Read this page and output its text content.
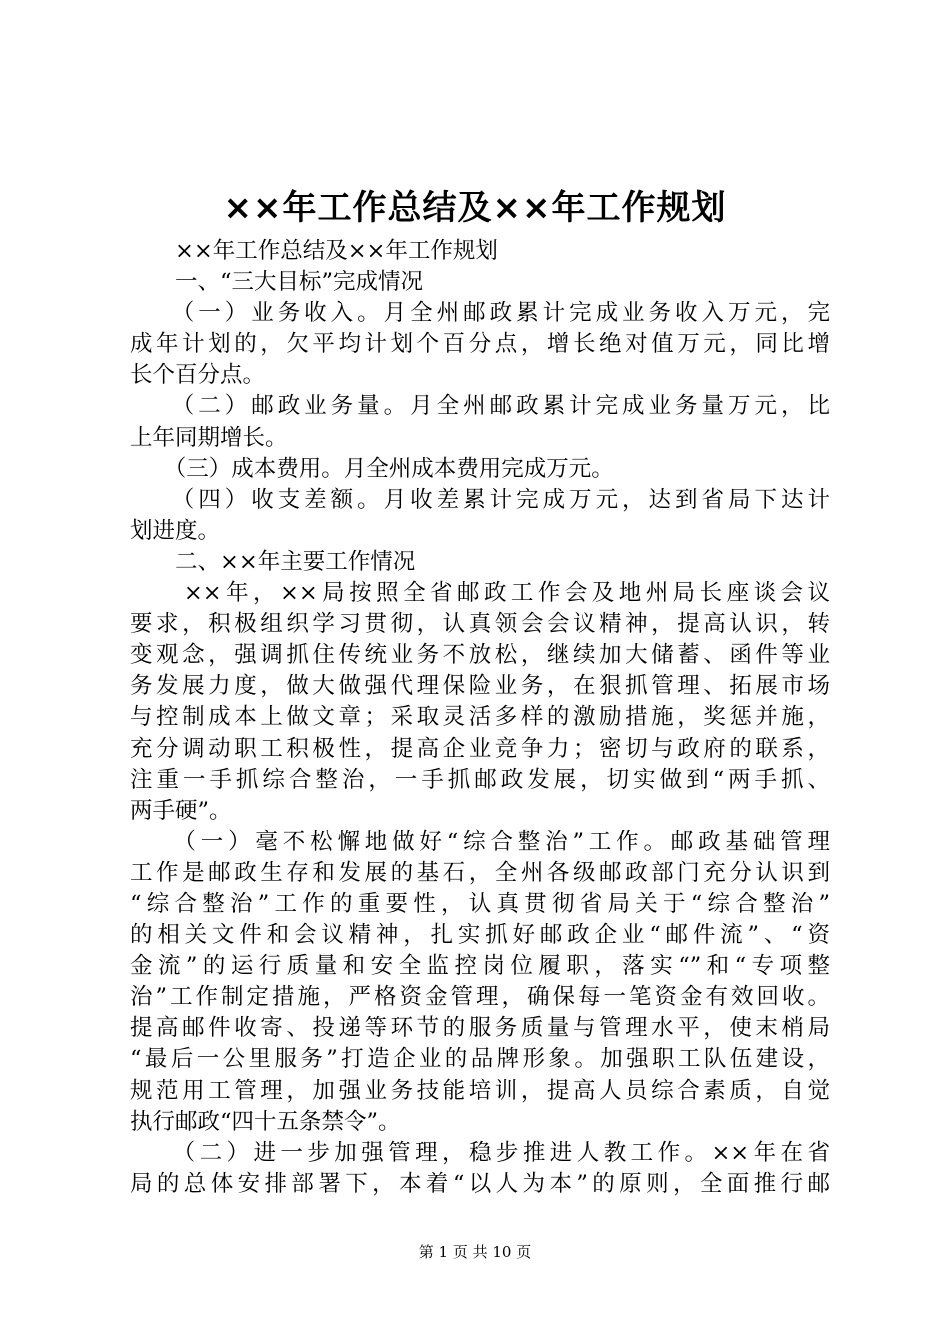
××年工作总结及××年工作规划
　　××年工作总结及××年工作规划
　　一、“三大目标”完成情况
　　（一）业务收入。月全州邮政累计完成业务收入万元，完
成年计划的，欠平均计划个百分点，增长绝对值万元，同比增
长个百分点。
　　（二）邮政业务量。月全州邮政累计完成业务量万元，比
上年同期增长。
　　（三）成本费用。月全州成本费用完成万元。
　　（四）收支差额。月收差累计完成万元，达到省局下达计
划进度。
　　二、××年主要工作情况
　　××年，××局按照全省邮政工作会及地州局长座谈会议
要求，积极组织学习贯彻，认真领会会议精神，提高认识，转
变观念，强调抓住传统业务不放松，继续加大储蓄、函件等业
务发展力度，做大做强代理保险业务，在狠抓管理、拓展市场
与控制成本上做文章；采取灵活多样的激励措施，奖惩并施，
充分调动职工积极性，提高企业竞争力；密切与政府的联系，
注重一手抓综合整治，一手抓邮政发展，切实做到“两手抓、
两手硬”。
　　（一）毫不松懈地做好“综合整治”工作。邮政基础管理
工作是邮政生存和发展的基石，全州各级邮政部门充分认识到
“综合整治”工作的重要性，认真贯彻省局关于“综合整治”
的相关文件和会议精神，扎实抓好邮政企业“邮件流”、“资
金流”的运行质量和安全监控岗位履职，落实“”和“专项整
治”工作制定措施，严格资金管理，确保每一笔资金有效回收。
提高邮件收寄、投递等环节的服务质量与管理水平，使末梢局
“最后一公里服务”打造企业的品牌形象。加强职工队伍建设，
规范用工管理，加强业务技能培训，提高人员综合素质，自觉
执行邮政“四十五条禁令”。
　　（二）进一步加强管理，稳步推进人教工作。××年在省
局的总体安排部署下，本着“以人为本”的原则，全面推行邮
第 1 页 共 10 页
